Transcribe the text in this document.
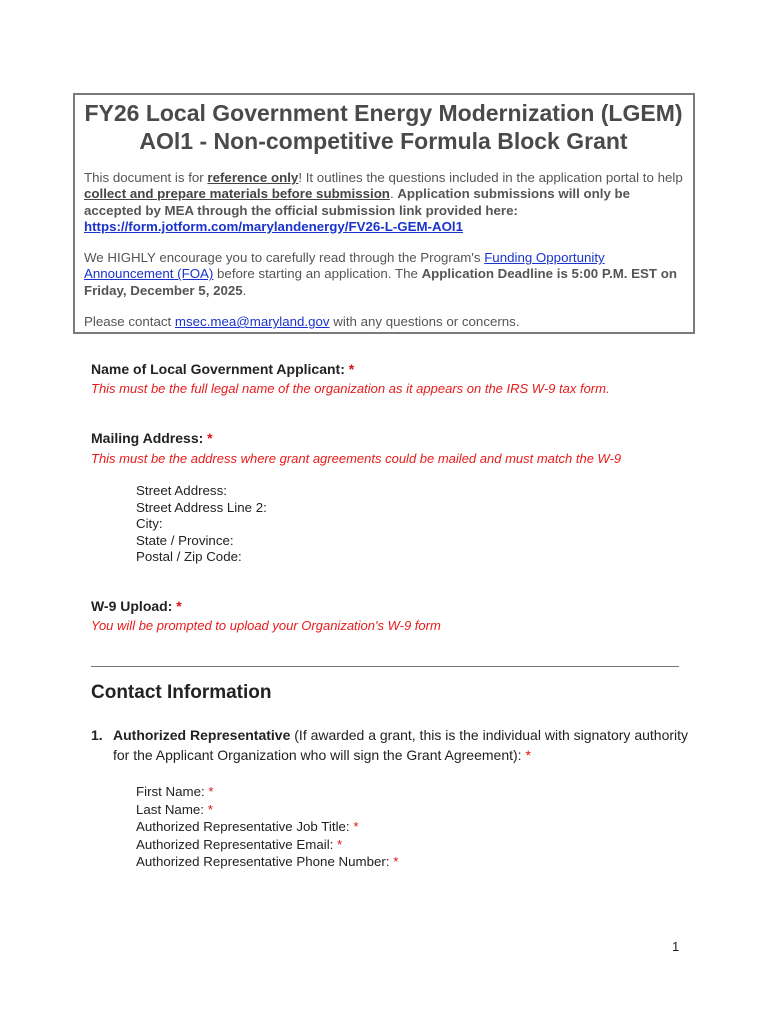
FY26 Local Government Energy Modernization (LGEM)
AOl1 - Non-competitive Formula Block Grant

This document is for reference only! It outlines the questions included in the application portal to help collect and prepare materials before submission. Application submissions will only be accepted by MEA through the official submission link provided here: https://form.jotform.com/marylandenergy/FV26-L-GEM-AOl1

We HIGHLY encourage you to carefully read through the Program's Funding Opportunity Announcement (FOA) before starting an application. The Application Deadline is 5:00 P.M. EST on Friday, December 5, 2025.

Please contact msec.mea@maryland.gov with any questions or concerns.

Name of Local Government Applicant: *
This must be the full legal name of the organization as it appears on the IRS W-9 tax form.
Mailing Address: *
This must be the address where grant agreements could be mailed and must match the W-9
Street Address:
Street Address Line 2:
City:
State / Province:
Postal / Zip Code:
W-9 Upload: *
You will be prompted to upload your Organization's W-9 form
Contact Information
1. Authorized Representative (If awarded a grant, this is the individual with signatory authority for the Applicant Organization who will sign the Grant Agreement): *
First Name: *
Last Name: *
Authorized Representative Job Title: *
Authorized Representative Email: *
Authorized Representative Phone Number: *
1
